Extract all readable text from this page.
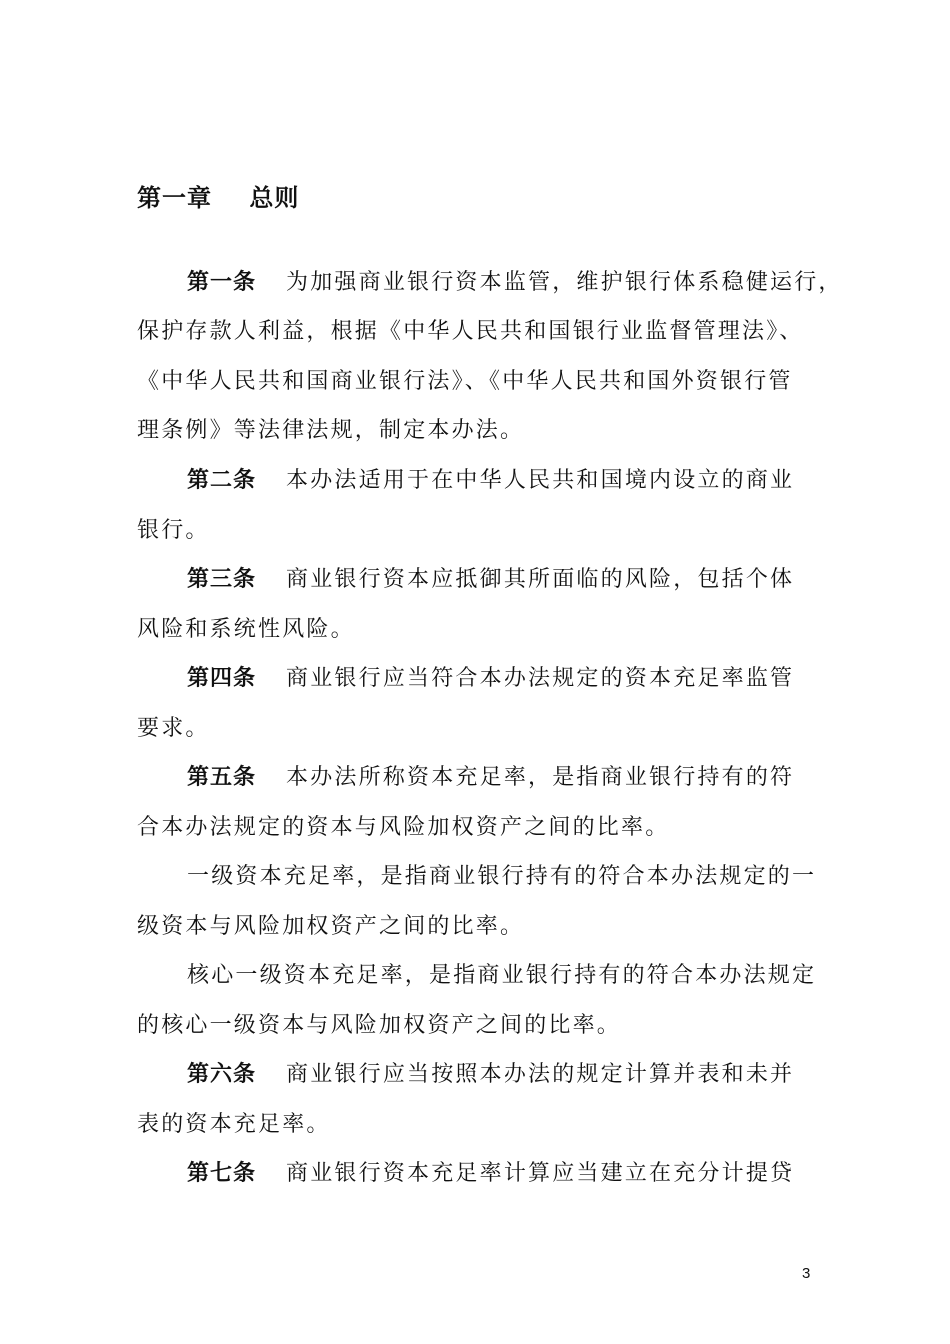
第一章    总则

第一条 为加强商业银行资本监管，维护银行体系稳健运行，

保护存款人利益，根据《中华人民共和国银行业监督管理法》、

《中华人民共和国商业银行法》、《中华人民共和国外资银行管

理条例》等法律法规，制定本办法。

第二条 本办法适用于在中华人民共和国境内设立的商业

银行。

第三条 商业银行资本应抵御其所面临的风险，包括个体

风险和系统性风险。

第四条 商业银行应当符合本办法规定的资本充足率监管

要求。

第五条 本办法所称资本充足率，是指商业银行持有的符

合本办法规定的资本与风险加权资产之间的比率。

一级资本充足率，是指商业银行持有的符合本办法规定的一

级资本与风险加权资产之间的比率。

核心一级资本充足率，是指商业银行持有的符合本办法规定

的核心一级资本与风险加权资产之间的比率。

第六条 商业银行应当按照本办法的规定计算并表和未并

表的资本充足率。

第七条 商业银行资本充足率计算应当建立在充分计提贷

3
